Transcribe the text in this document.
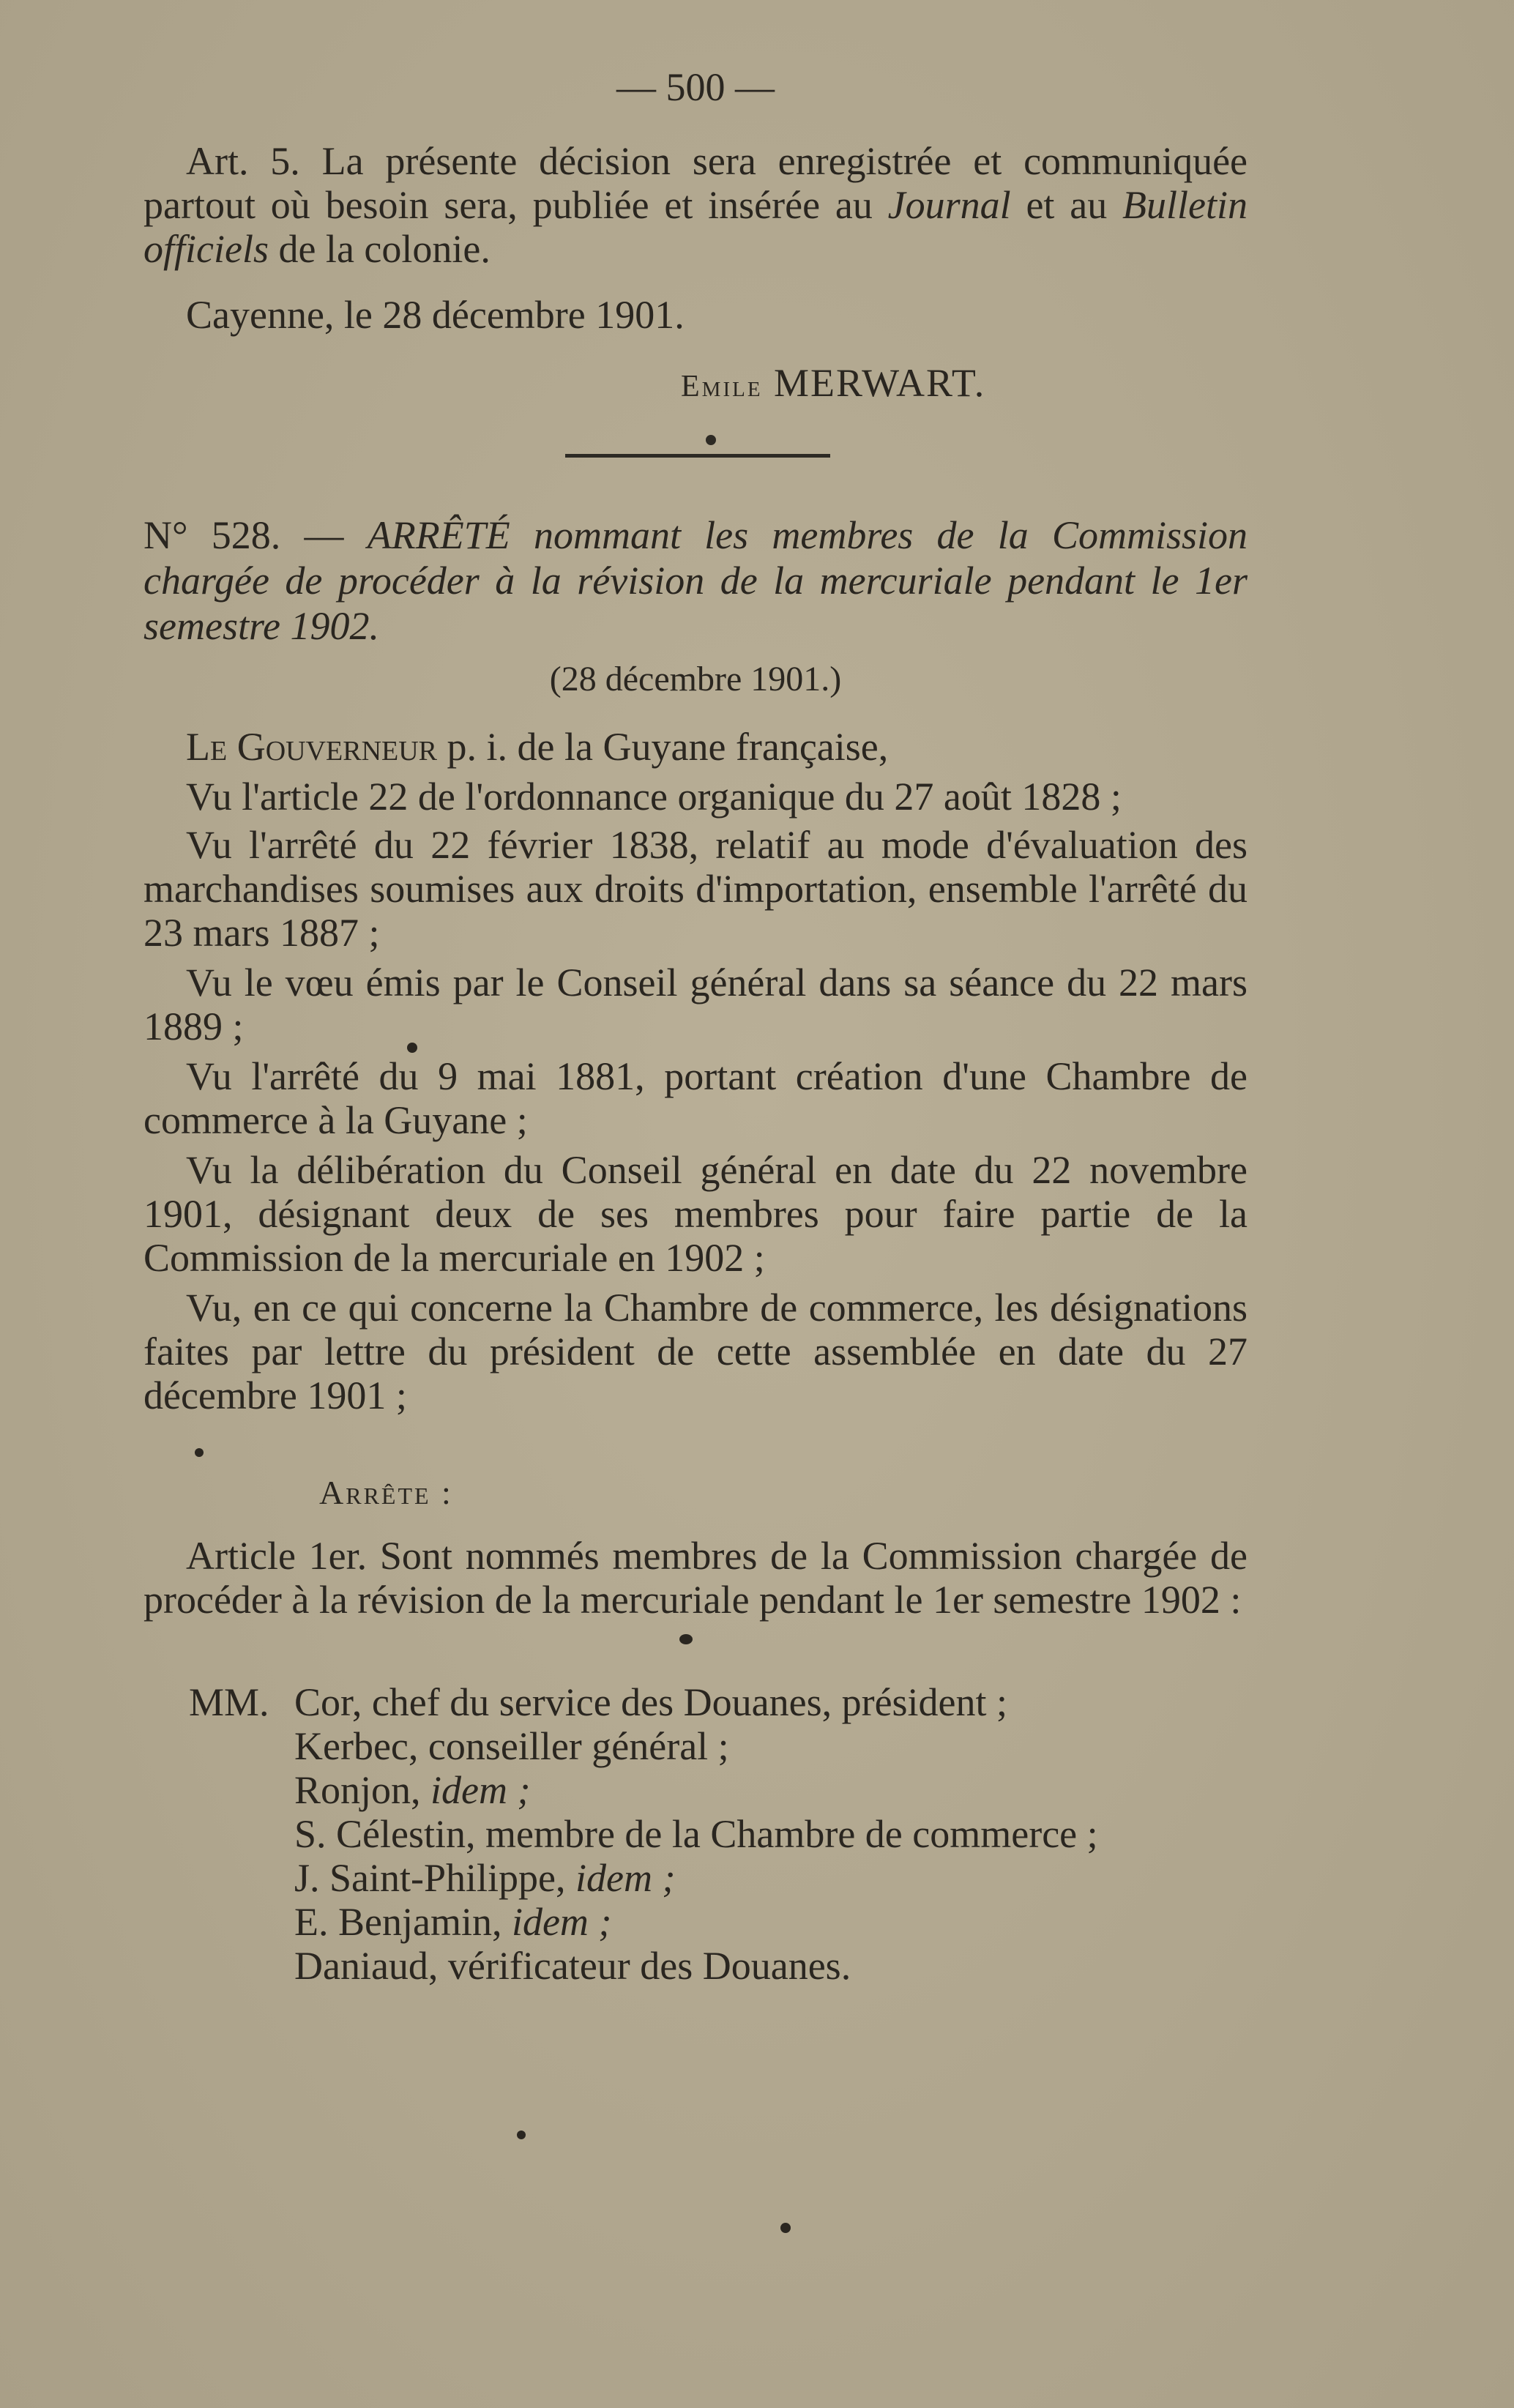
— 500 —

Art. 5. La présente décision sera enregistrée et communiquée partout où besoin sera, publiée et insérée au Journal et au Bulletin officiels de la colonie.

Cayenne, le 28 décembre 1901.

Emile MERWART.
N° 528. — ARRÊTÉ nommant les membres de la Commission chargée de procéder à la révision de la mercuriale pendant le 1er semestre 1902.
(28 décembre 1901.)

Le Gouverneur p. i. de la Guyane française,

Vu l'article 22 de l'ordonnance organique du 27 août 1828 ;

Vu l'arrêté du 22 février 1838, relatif au mode d'évaluation des marchandises soumises aux droits d'importation, ensemble l'arrêté du 23 mars 1887 ;

Vu le vœu émis par le Conseil général dans sa séance du 22 mars 1889 ;

Vu l'arrêté du 9 mai 1881, portant création d'une Chambre de commerce à la Guyane ;

Vu la délibération du Conseil général en date du 22 novembre 1901, désignant deux de ses membres pour faire partie de la Commission de la mercuriale en 1902 ;

Vu, en ce qui concerne la Chambre de commerce, les désignations faites par lettre du président de cette assemblée en date du 27 décembre 1901 ;

Arrête :

Article 1er. Sont nommés membres de la Commission chargée de procéder à la révision de la mercuriale pendant le 1er semestre 1902 :

MM. Cor, chef du service des Douanes, président ;
Kerbec, conseiller général ;
Ronjon, idem ;
S. Célestin, membre de la Chambre de commerce ;
J. Saint-Philippe, idem ;
E. Benjamin, idem ;
Daniaud, vérificateur des Douanes.
